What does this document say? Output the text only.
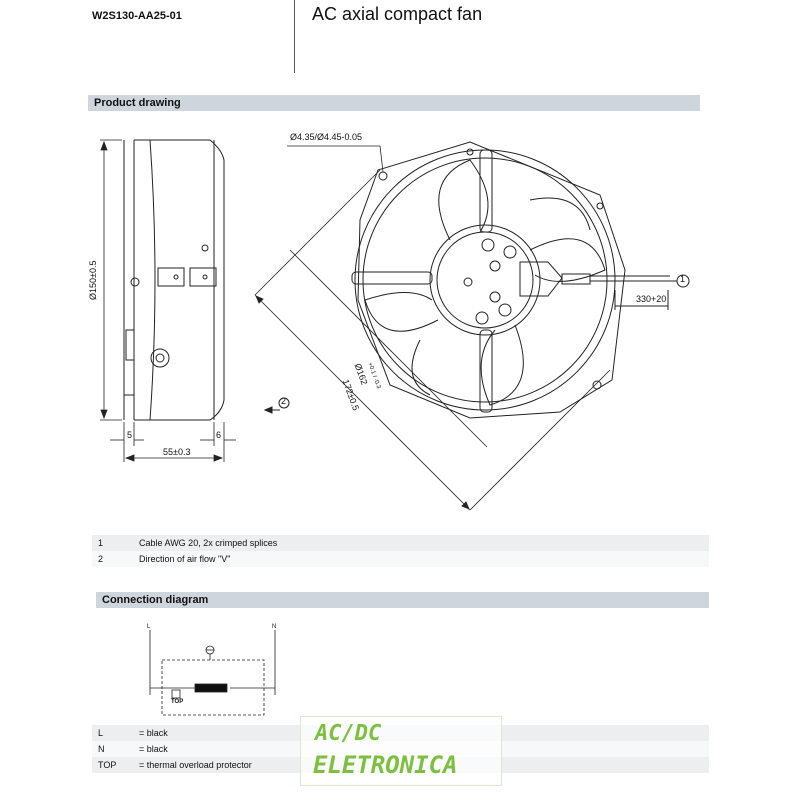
W2S130-AA25-01	AC axial compact fan
Product drawing
Ø150±0.5
5	6
55±0.3
Ø4.35/Ø4.45-0.05
Ø162
+0.1 / -0.3
172±0.5
330+20
1
2
1	Cable AWG 20, 2x crimped splices
2	Direction of air flow "V"
Connection diagram
L	N
TOP
L	= black
N	= black
TOP	= thermal overload protector
AC/DC
ELETRONICA
